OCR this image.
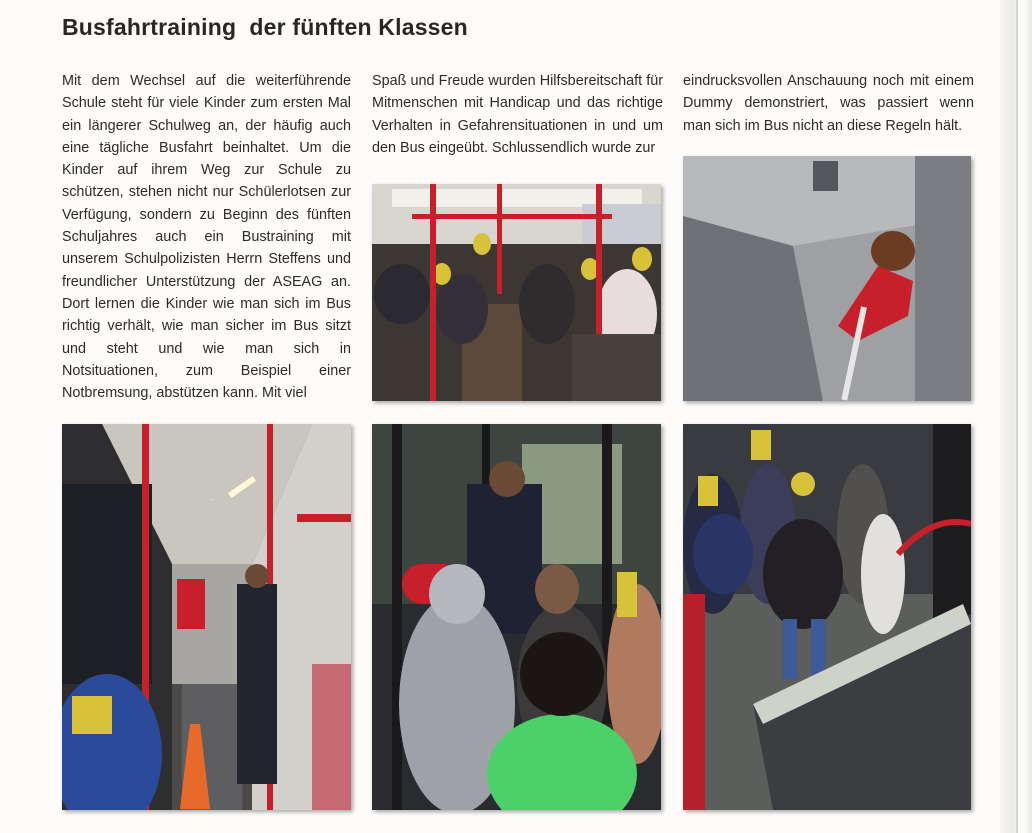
Busfahrtraining  der fünften Klassen

Mit dem Wechsel auf die weiterführende Schule steht für viele Kinder zum ersten Mal ein längerer Schulweg an, der häufig auch eine tägliche Busfahrt beinhaltet. Um die Kinder auf ihrem Weg zur Schule zu schützen, stehen nicht nur Schülerlotsen zur Verfügung, sondern zu Beginn des fünften Schuljahres auch ein Bustraining mit unserem Schulpolizisten Herrn Steffens und freundlicher Unterstützung der ASEAG an. Dort lernen die Kinder wie man sich im Bus richtig verhält, wie man sicher im Bus sitzt und steht und wie man sich in Notsituationen, zum Beispiel einer Notbremsung, abstützen kann. Mit viel

Spaß und Freude wurden Hilfsbereitschaft für Mitmenschen mit Handicap und das richtige Verhalten in Gefahrensituationen in und um den Bus eingeübt. Schlussendlich wurde zur

eindrucksvollen Anschauung noch mit einem Dummy demonstriert, was passiert wenn man sich im Bus nicht an diese Regeln hält.
